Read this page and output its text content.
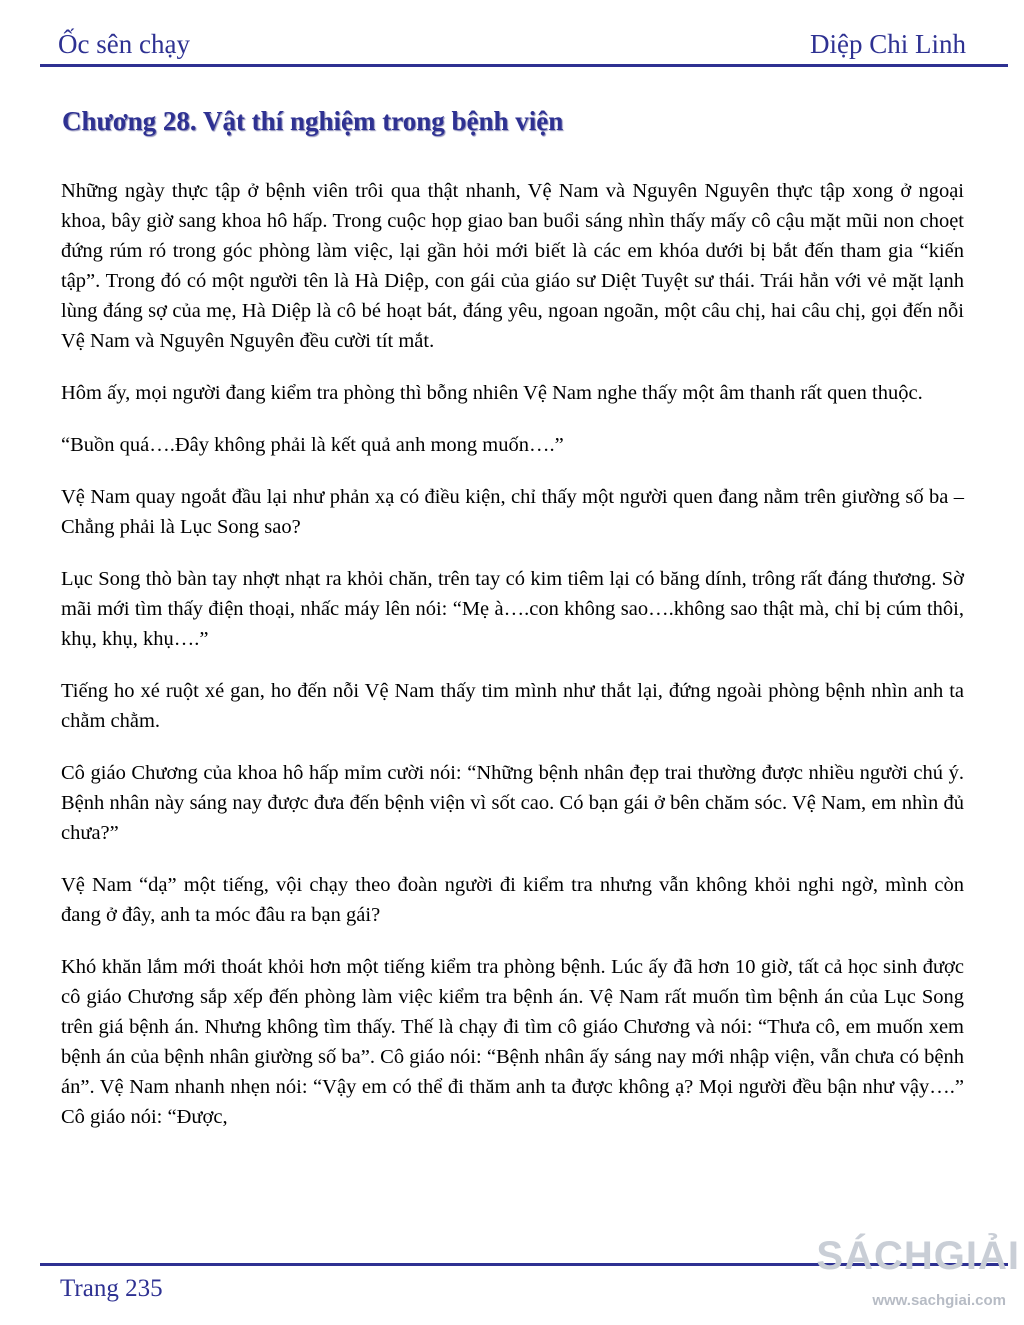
Ốc sên chạy	Diệp Chi Linh
Chương 28. Vật thí nghiệm trong bệnh viện

Những ngày thực tập ở bệnh viên trôi qua thật nhanh, Vệ Nam và Nguyên Nguyên thực tập xong ở ngoại khoa, bây giờ sang khoa hô hấp. Trong cuộc họp giao ban buổi sáng nhìn thấy mấy cô cậu mặt mũi non choẹt đứng rúm ró trong góc phòng làm việc, lại gần hỏi mới biết là các em khóa dưới bị bắt đến tham gia “kiến tập”. Trong đó có một người tên là Hà Diệp, con gái của giáo sư Diệt Tuyệt sư thái. Trái hẳn với vẻ mặt lạnh lùng đáng sợ của mẹ, Hà Diệp là cô bé hoạt bát, đáng yêu, ngoan ngoãn, một câu chị, hai câu chị, gọi đến nỗi Vệ Nam và Nguyên Nguyên đều cười tít mắt.

Hôm ấy, mọi người đang kiểm tra phòng thì bỗng nhiên Vệ Nam nghe thấy một âm thanh rất quen thuộc.

“Buồn quá….Đây không phải là kết quả anh mong muốn….”

Vệ Nam quay ngoắt đầu lại như phản xạ có điều kiện, chỉ thấy một người quen đang nằm trên giường số ba – Chẳng phải là Lục Song sao?

Lục Song thò bàn tay nhợt nhạt ra khỏi chăn, trên tay có kim tiêm lại có băng dính, trông rất đáng thương. Sờ mãi mới tìm thấy điện thoại, nhấc máy lên nói: “Mẹ à….con không sao….không sao thật mà, chỉ bị cúm thôi, khụ, khụ, khụ….”

Tiếng ho xé ruột xé gan, ho đến nỗi Vệ Nam thấy tim mình như thắt lại, đứng ngoài phòng bệnh nhìn anh ta chằm chằm.

Cô giáo Chương của khoa hô hấp mỉm cười nói: “Những bệnh nhân đẹp trai thường được nhiều người chú ý. Bệnh nhân này sáng nay được đưa đến bệnh viện vì sốt cao. Có bạn gái ở bên chăm sóc. Vệ Nam, em nhìn đủ chưa?”

Vệ Nam “dạ” một tiếng, vội chạy theo đoàn người đi kiểm tra nhưng vẫn không khỏi nghi ngờ, mình còn đang ở đây, anh ta móc đâu ra bạn gái?

Khó khăn lắm mới thoát khỏi hơn một tiếng kiểm tra phòng bệnh. Lúc ấy đã hơn 10 giờ, tất cả học sinh được cô giáo Chương sắp xếp đến phòng làm việc kiểm tra bệnh án. Vệ Nam rất muốn tìm bệnh án của Lục Song trên giá bệnh án. Nhưng không tìm thấy. Thế là chạy đi tìm cô giáo Chương và nói: “Thưa cô, em muốn xem bệnh án của bệnh nhân giường số ba”. Cô giáo nói: “Bệnh nhân ấy sáng nay mới nhập viện, vẫn chưa có bệnh án”. Vệ Nam nhanh nhẹn nói: “Vậy em có thể đi thăm anh ta được không ạ? Mọi người đều bận như vậy….” Cô giáo nói: “Được,

Trang 235
SÁCHGIẢI
www.sachgiai.com
